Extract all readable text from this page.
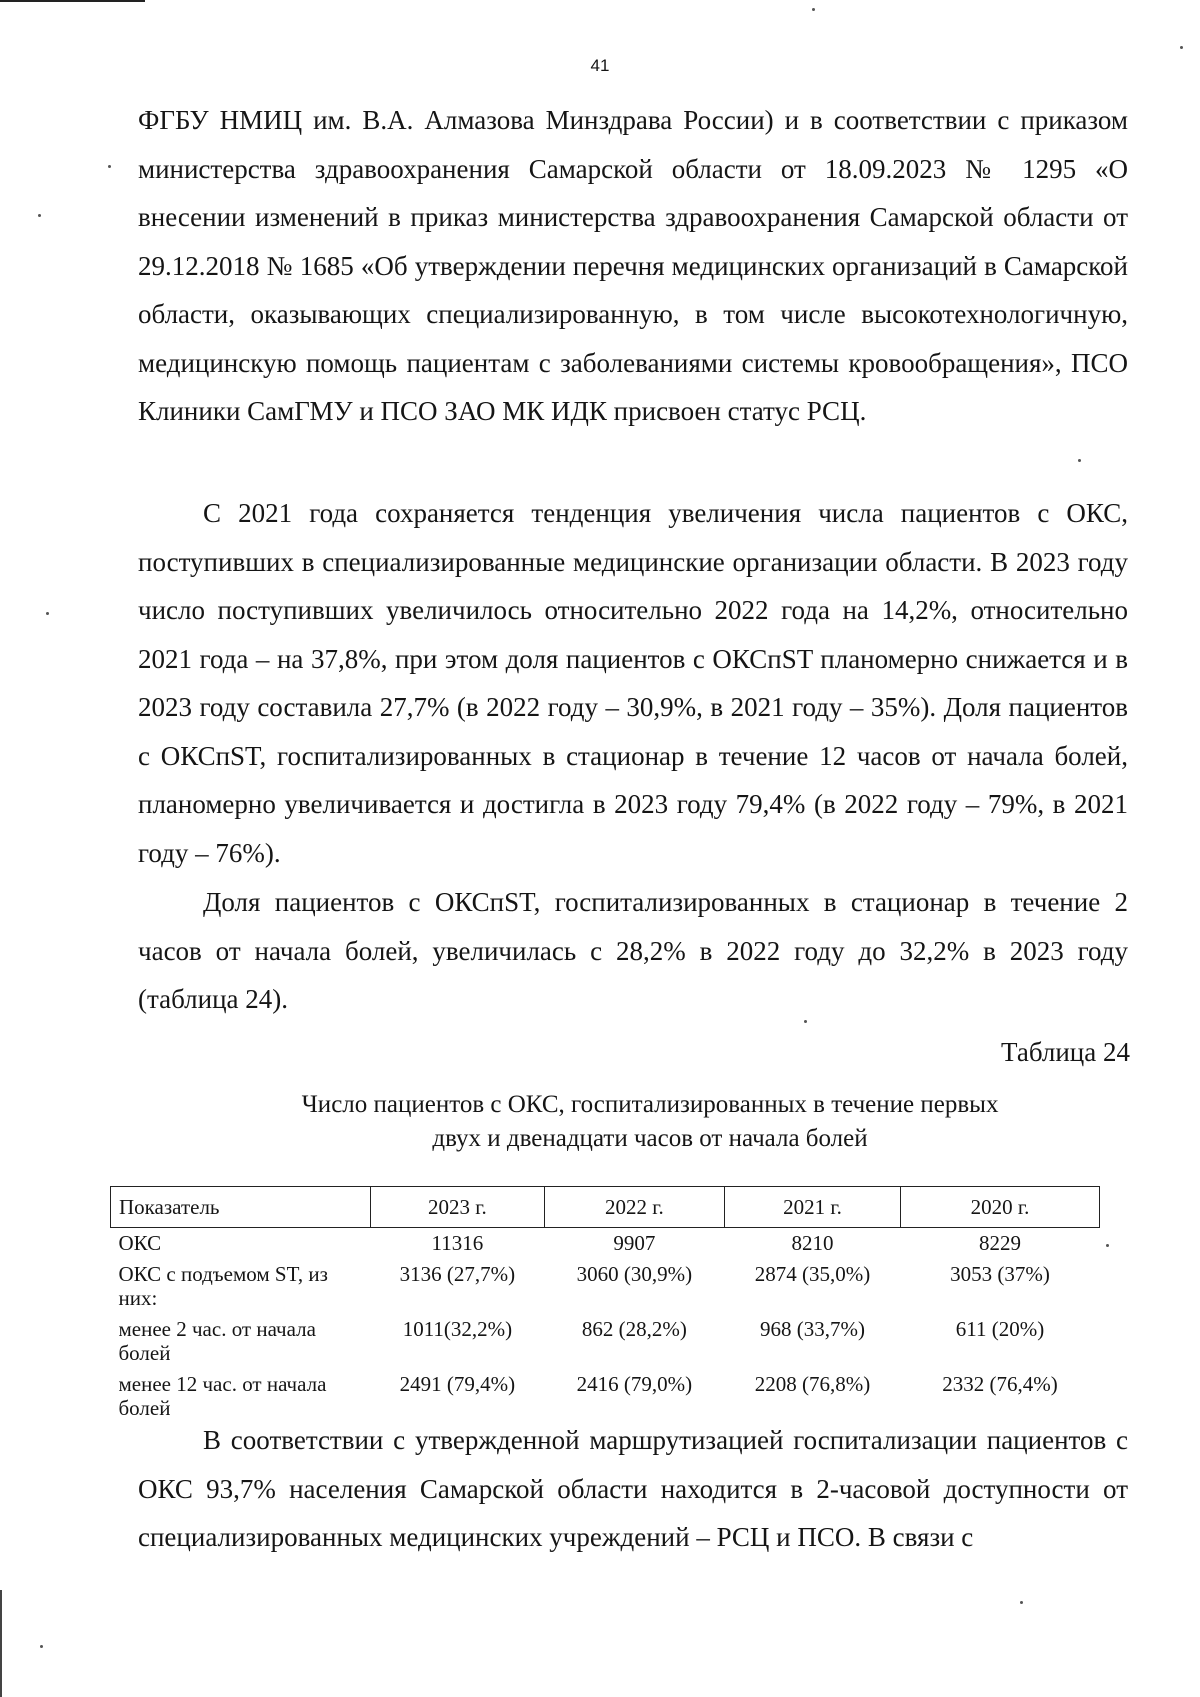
41

ФГБУ НМИЦ им. В.А. Алмазова Минздрава России) и в соответствии с приказом министерства здравоохранения Самарской области от 18.09.2023 № 1295 «О внесении изменений в приказ министерства здравоохранения Самарской области от 29.12.2018 № 1685 «Об утверждении перечня медицинских организаций в Самарской области, оказывающих специализированную, в том числе высокотехнологичную, медицинскую помощь пациентам с заболеваниями системы кровообращения», ПСО Клиники СамГМУ и ПСО ЗАО МК ИДК присвоен статус РСЦ.

С 2021 года сохраняется тенденция увеличения числа пациентов с ОКС, поступивших в специализированные медицинские организации области. В 2023 году число поступивших увеличилось относительно 2022 года на 14,2%, относительно 2021 года – на 37,8%, при этом доля пациентов с ОКСпST планомерно снижается и в 2023 году составила 27,7% (в 2022 году – 30,9%, в 2021 году – 35%). Доля пациентов с ОКСпST, госпитализированных в стационар в течение 12 часов от начала болей, планомерно увеличивается и достигла в 2023 году 79,4% (в 2022 году – 79%, в 2021 году – 76%).

Доля пациентов с ОКСпST, госпитализированных в стационар в течение 2 часов от начала болей, увеличилась с 28,2% в 2022 году до 32,2% в 2023 году (таблица 24).

Таблица 24
Число пациентов с ОКС, госпитализированных в течение первых
двух и двенадцати часов от начала болей
Показатель	2023 г.	2022 г.	2021 г.	2020 г.
ОКС	11316	9907	8210	8229
ОКС с подъемом ST, из них:	3136 (27,7%)	3060 (30,9%)	2874 (35,0%)	3053 (37%)
менее 2 час. от начала болей	1011(32,2%)	862 (28,2%)	968 (33,7%)	611 (20%)
менее 12 час. от начала болей	2491 (79,4%)	2416 (79,0%)	2208 (76,8%)	2332 (76,4%)

В соответствии с утвержденной маршрутизацией госпитализации пациентов с ОКС 93,7% населения Самарской области находится в 2-часовой доступности от специализированных медицинских учреждений – РСЦ и ПСО. В связи с
